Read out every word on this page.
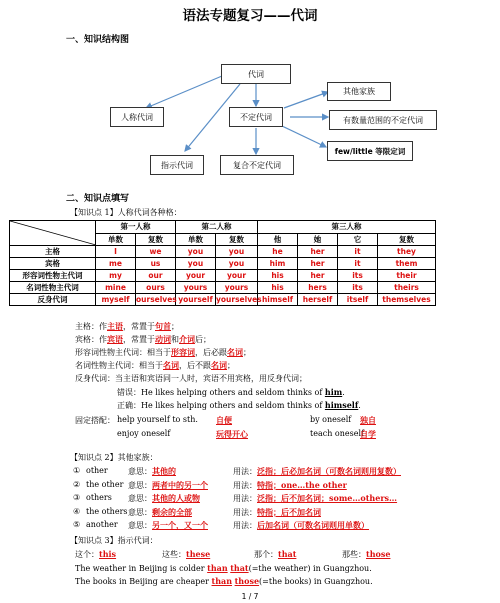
语法专题复习——代词
一、知识结构图
代词
人称代词	不定代词
其他家族
有数量范围的不定代词
few/little 等限定词
指示代词	复合不定代词
二、知识点填写
【知识点 1】人称代词各种格：
	第一人称		第二人称		第三人称			
	单数	复数	单数	复数	他	她	它	复数
主格	I	we	you	you	he	her	it	they
宾格	me	us	you	you	him	her	it	them
形容词性物主代词	my	our	your	your	his	her	its	their
名词性物主代词	mine	ours	yours	yours	his	hers	its	theirs
反身代词	myself	ourselves	yourself	yourselves	himself	herself	itself	themselves
主格：作主语，常置于句首；
宾格：作宾语，常置于动词和介词后；
形容词性物主代词：相当于形容词，后必跟名词；
名词性物主代词：相当于名词，后不跟名词；
反身代词：当主语和宾语同一人时，宾语不用宾格，用反身代词；
错误：He likes helping others and seldom thinks of him.
正确：He likes helping others and seldom thinks of himself.
固定搭配： help yourself to sth. 自便	by oneself 独自
enjoy oneself	玩得开心	teach oneself
自学
【知识点 2】其他家族：
① other	意思：其他的	用法：泛指；后必加名词（可数名词则用复数）
② the other 意思：两者中的另一个	用法：特指；one…the other
③ others 意思：其他的人或物	用法：泛指；后不加名词；some…others…
④ the others 意思：剩余的全部	用法：特指；后不加名词
⑤ another 意思：另一个，又一个	用法：后加名词（可数名词则用单数）
【知识点 3】指示代词：
这个：this	这些：these	那个：that	那些：those
The weather in Beijing is colder than that(=the weather) in Guangzhou.
The books in Beijing are cheaper than those(=the books) in Guangzhou.
1 / 7
